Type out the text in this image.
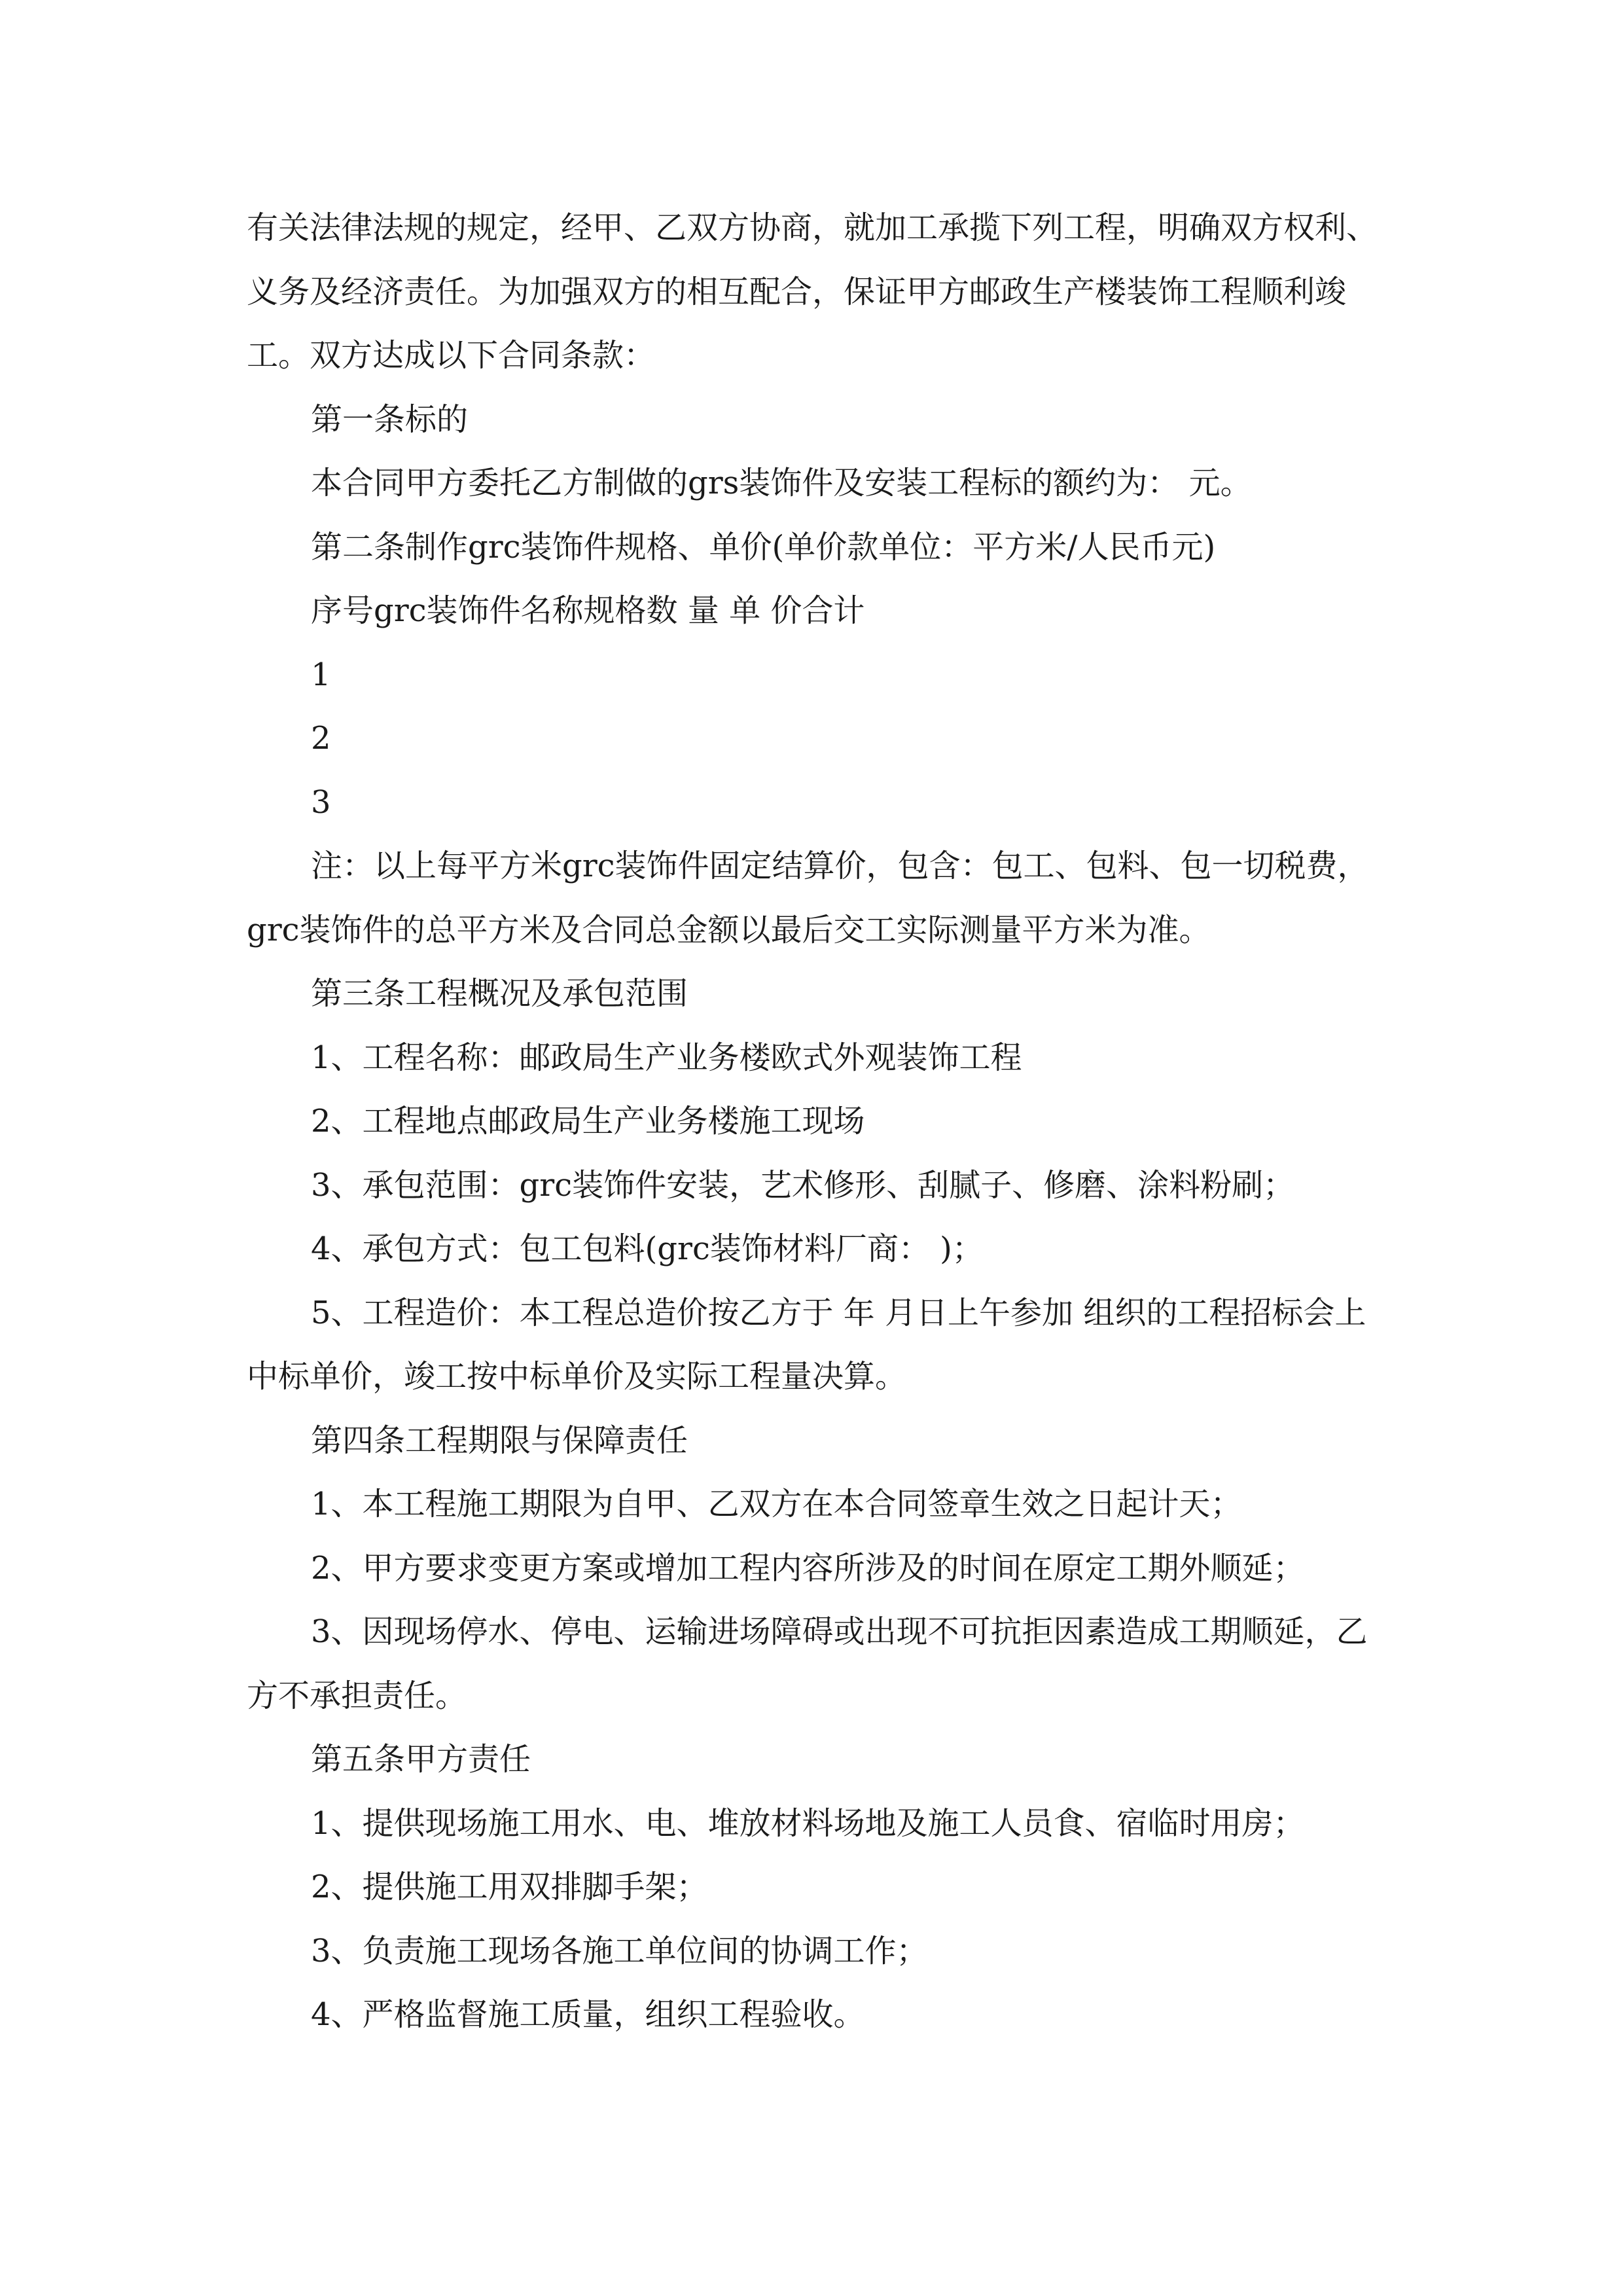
有关法律法规的规定，经甲、乙双方协商，就加工承揽下列工程，明确双方权利、义务及经济责任。为加强双方的相互配合，保证甲方邮政生产楼装饰工程顺利竣工。双方达成以下合同条款：

第一条标的

本合同甲方委托乙方制做的grs装饰件及安装工程标的额约为： 元。

第二条制作grc装饰件规格、单价(单价款单位：平方米/人民币元)

序号grc装饰件名称规格数 量 单 价合计

1

2

3

注：以上每平方米grc装饰件固定结算价，包含：包工、包料、包一切税费，grc装饰件的总平方米及合同总金额以最后交工实际测量平方米为准。

第三条工程概况及承包范围

1、工程名称：邮政局生产业务楼欧式外观装饰工程

2、工程地点邮政局生产业务楼施工现场

3、承包范围：grc装饰件安装，艺术修形、刮腻子、修磨、涂料粉刷；

4、承包方式：包工包料(grc装饰材料厂商： )；

5、工程造价：本工程总造价按乙方于 年 月日上午参加 组织的工程招标会上中标单价，竣工按中标单价及实际工程量决算。

第四条工程期限与保障责任

1、本工程施工期限为自甲、乙双方在本合同签章生效之日起计天；

2、甲方要求变更方案或增加工程内容所涉及的时间在原定工期外顺延；

3、因现场停水、停电、运输进场障碍或出现不可抗拒因素造成工期顺延，乙方不承担责任。

第五条甲方责任

1、提供现场施工用水、电、堆放材料场地及施工人员食、宿临时用房；

2、提供施工用双排脚手架；

3、负责施工现场各施工单位间的协调工作；

4、严格监督施工质量，组织工程验收。
